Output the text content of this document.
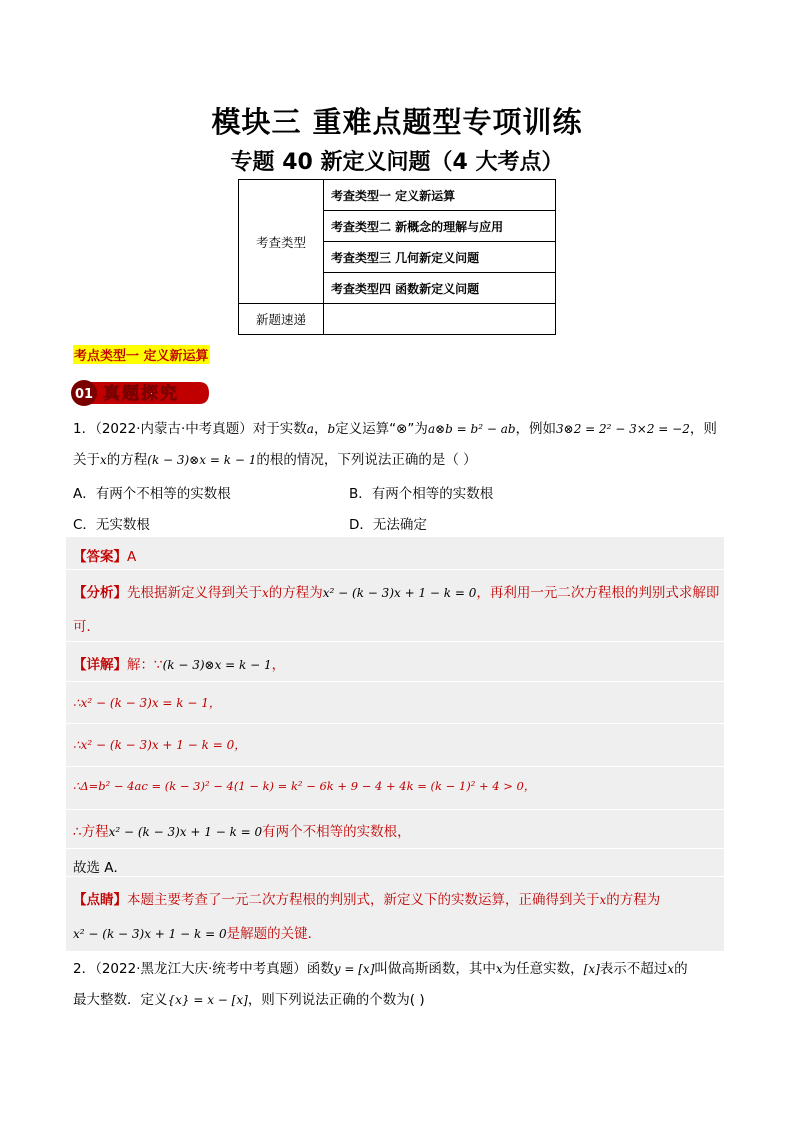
模块三 重难点题型专项训练
专题 40 新定义问题（4 大考点）
考查类型	考查类型一 定义新运算
	考查类型二 新概念的理解与应用
	考查类型三 几何新定义问题
	考查类型四 函数新定义问题
新题速递	
考点类型一 定义新运算
01 真题探究
1．（2022·内蒙古·中考真题）对于实数a，b定义运算“⊗”为a⊗b = b² − ab，例如3⊗2 = 2² − 3×2 = −2，则
关于x的方程(k − 3)⊗x = k − 1的根的情况，下列说法正确的是（ ）
A．有两个不相等的实数根	B．有两个相等的实数根
C．无实数根	D．无法确定
【答案】A
【分析】先根据新定义得到关于x的方程为x² − (k − 3)x + 1 − k = 0，再利用一元二次方程根的判别式求解即
可．
【详解】解：∵(k − 3)⊗x = k − 1，
∴x² − (k − 3)x = k − 1，
∴x² − (k − 3)x + 1 − k = 0，
∴Δ=b² − 4ac = (k − 3)² − 4(1 − k) = k² − 6k + 9 − 4 + 4k = (k − 1)² + 4 > 0，
∴方程x² − (k − 3)x + 1 − k = 0有两个不相等的实数根，
故选 A．
【点睛】本题主要考查了一元二次方程根的判别式，新定义下的实数运算，正确得到关于x的方程为
x² − (k − 3)x + 1 − k = 0是解题的关键．
2．（2022·黑龙江大庆·统考中考真题）函数y = [x]叫做高斯函数，其中x为任意实数，[x]表示不超过x的
最大整数．定义{x} = x − [x]，则下列说法正确的个数为( )
